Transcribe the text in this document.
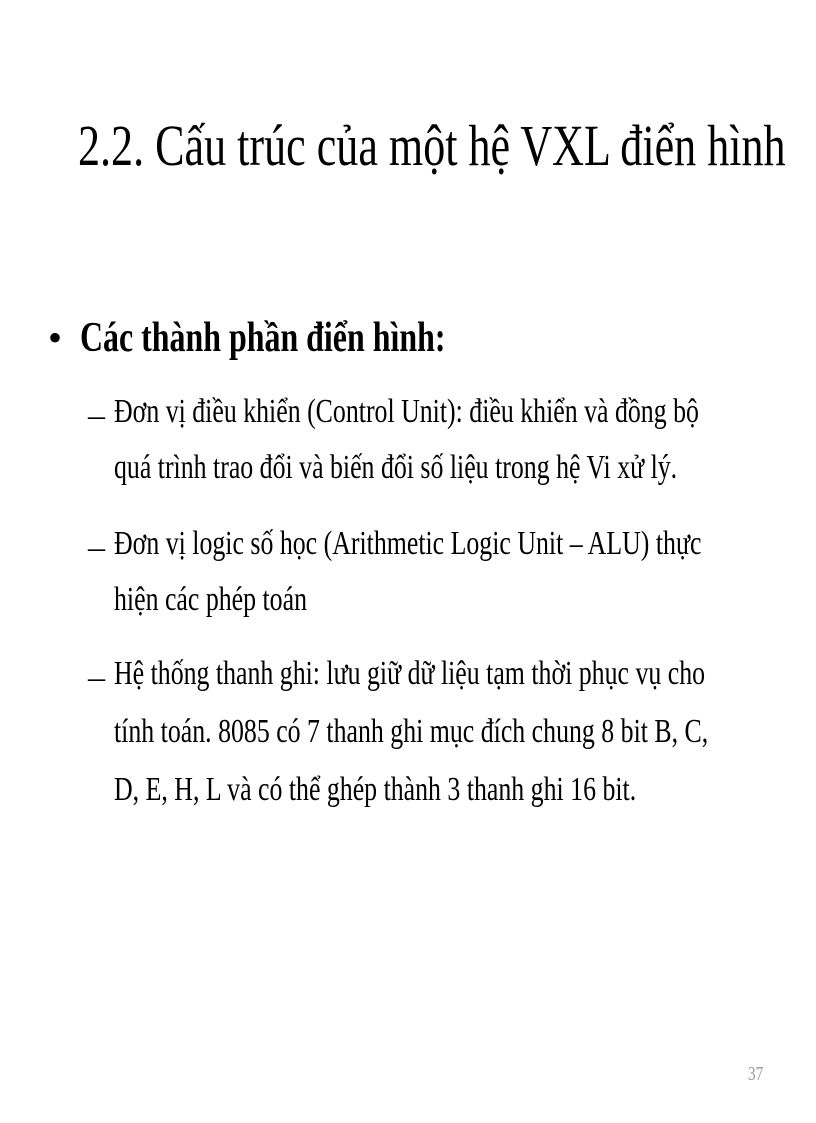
2.2. Cấu trúc của một hệ VXL điển hình
• Các thành phần điển hình:
– Đơn vị điều khiển (Control Unit): điều khiển và đồng bộ
quá trình trao đổi và biến đổi số liệu trong hệ Vi xử lý.
– Đơn vị logic số học (Arithmetic Logic Unit – ALU) thực
hiện các phép toán
– Hệ thống thanh ghi: lưu giữ dữ liệu tạm thời phục vụ cho
tính toán. 8085 có 7 thanh ghi mục đích chung 8 bit B, C,
D, E, H, L và có thể ghép thành 3 thanh ghi 16 bit.
37
